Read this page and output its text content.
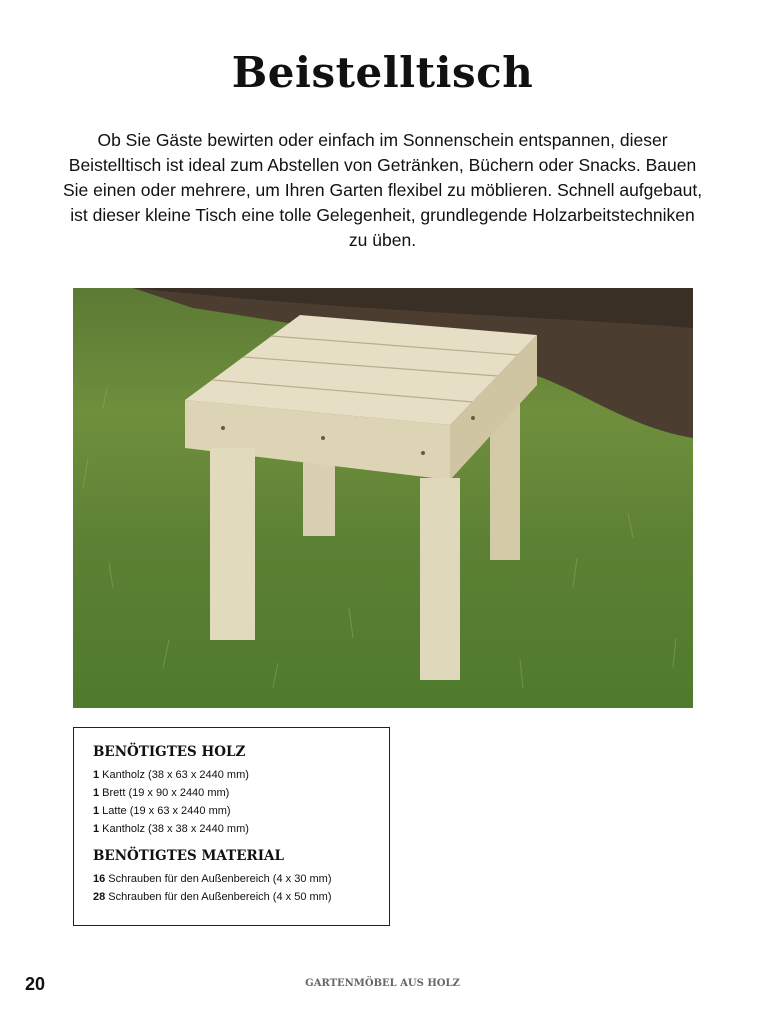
Beistelltisch

Ob Sie Gäste bewirten oder einfach im Sonnenschein entspannen, dieser Beistelltisch ist ideal zum Abstellen von Getränken, Büchern oder Snacks. Bauen Sie einen oder mehrere, um Ihren Garten flexibel zu möblieren. Schnell aufgebaut, ist dieser kleine Tisch eine tolle Gelegenheit, grundlegende Holzarbeitstechniken zu üben.

BENÖTIGTES HOLZ
1 Kantholz (38 x 63 x 2440 mm)
1 Brett (19 x 90 x 2440 mm)
1 Latte (19 x 63 x 2440 mm)
1 Kantholz (38 x 38 x 2440 mm)
BENÖTIGTES MATERIAL
16 Schrauben für den Außenbereich (4 x 30 mm)
28 Schrauben für den Außenbereich (4 x 50 mm)
20	GARTENMÖBEL AUS HOLZ
